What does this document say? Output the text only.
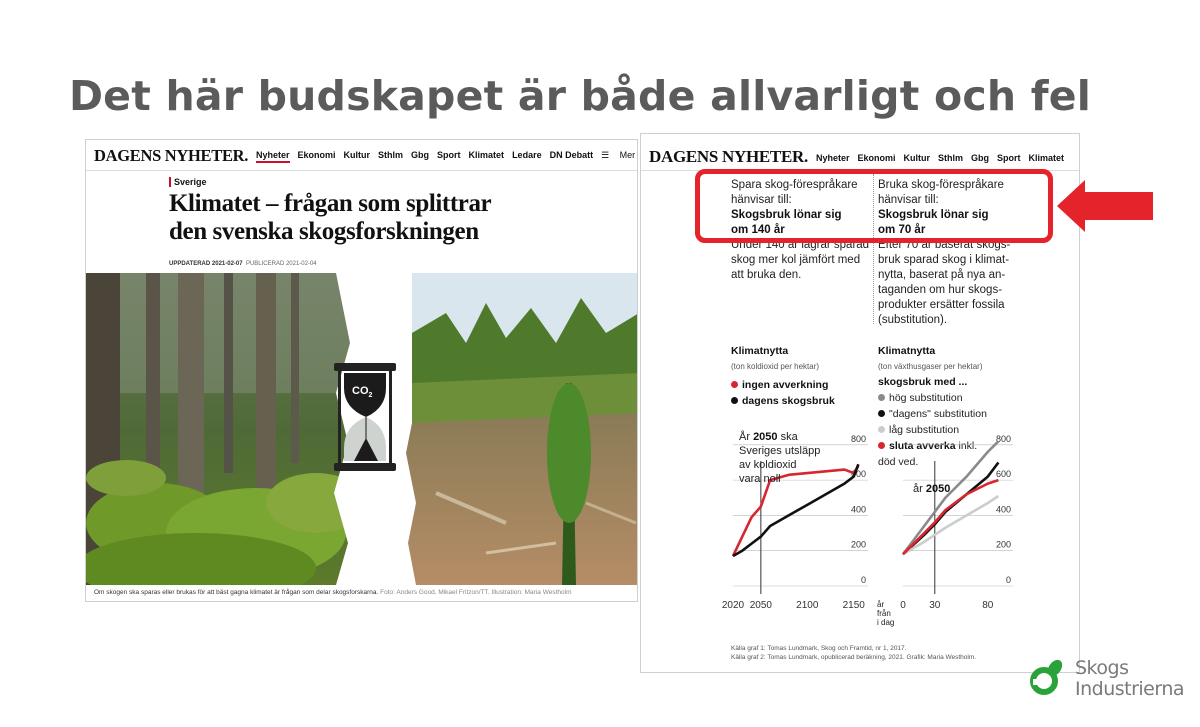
Det här budskapet är både allvarligt och fel
DAGENS NYHETER. Nyheter Ekonomi Kultur Sthlm Gbg Sport Klimatet Ledare DN Debatt ☰ Mer
Sverige
Klimatet – frågan som splittrar
den svenska skogsforskningen
UPPDATERAD 2021-02-07 PUBLICERAD 2021-02-04
$CO_2$
Om skogen ska sparas eller brukas för att bäst gagna klimatet är frågan som delar skogsforskarna. Foto: Anders Good, Mikael Fritzon/TT. Illustration: Maria Westholm
DAGENS NYHETER. Nyheter Ekonomi Kultur Sthlm Gbg Sport Klimatet
Spara skog-förespråkare
hänvisar till:
Skogsbruk lönar sig
om 140 år
Under 140 år lagrar sparad
skog mer kol jämfört med
att bruka den.
Bruka skog-förespråkare
hänvisar till:
Skogsbruk lönar sig
om 70 år
Efter 70 år baserat skogs-
bruk sparad skog i klimat-
nytta, baserat på nya an-
taganden om hur skogs-
produkter ersätter fossila
(substitution).
Klimatnytta
(ton koldioxid per hektar)
ingen avverkning
dagens skogsbruk
Klimatnytta
(ton växthusgaser per hektar)
skogsbruk med ...
hög substitution
"dagens" substitution
låg substitution
sluta avverka inkl.
död ved.
0
200
400
600
800
2020 2050 2100 2150
0
200
400
600
800
0 30	80
År 2050 ska
Sveriges utsläpp
av koldioxid
vara noll
år 2050
år
från
i dag
Källa graf 1: Tomas Lundmark, Skog och Framtid, nr 1, 2017.
Källa graf 2: Tomas Lundmark, opublicerad beräkning, 2021. Grafik: Maria Westholm.	Skogs
Industrierna
